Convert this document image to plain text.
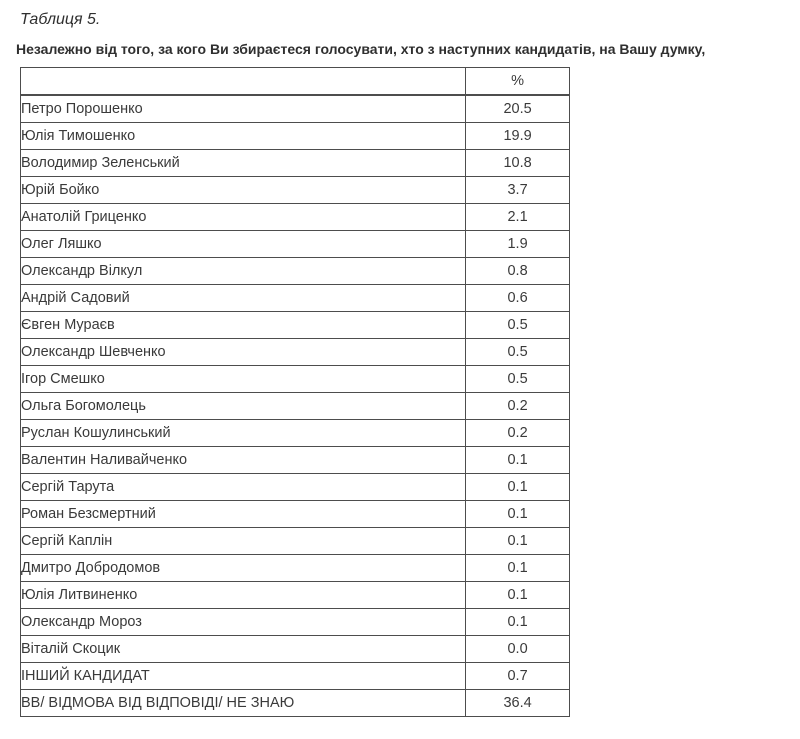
Таблиця 5.
Незалежно від того, за кого Ви збираєтеся голосувати, хто з наступних кандидатів, на Вашу думку,
	%
Петро Порошенко	20.5
Юлія Тимошенко	19.9
Володимир Зеленський	10.8
Юрій Бойко	3.7
Анатолій Гриценко	2.1
Олег Ляшко	1.9
Олександр Вілкул	0.8
Андрій Садовий	0.6
Євген Мураєв	0.5
Олександр Шевченко	0.5
Ігор Смешко	0.5
Ольга Богомолець	0.2
Руслан Кошулинський	0.2
Валентин Наливайченко	0.1
Сергій Тарута	0.1
Роман Безсмертний	0.1
Сергій Каплін	0.1
Дмитро Добродомов	0.1
Юлія Литвиненко	0.1
Олександр Мороз	0.1
Віталій Скоцик	0.0
ІНШИЙ КАНДИДАТ	0.7
ВВ/ ВІДМОВА ВІД ВІДПОВІДІ/ НЕ ЗНАЮ	36.4
